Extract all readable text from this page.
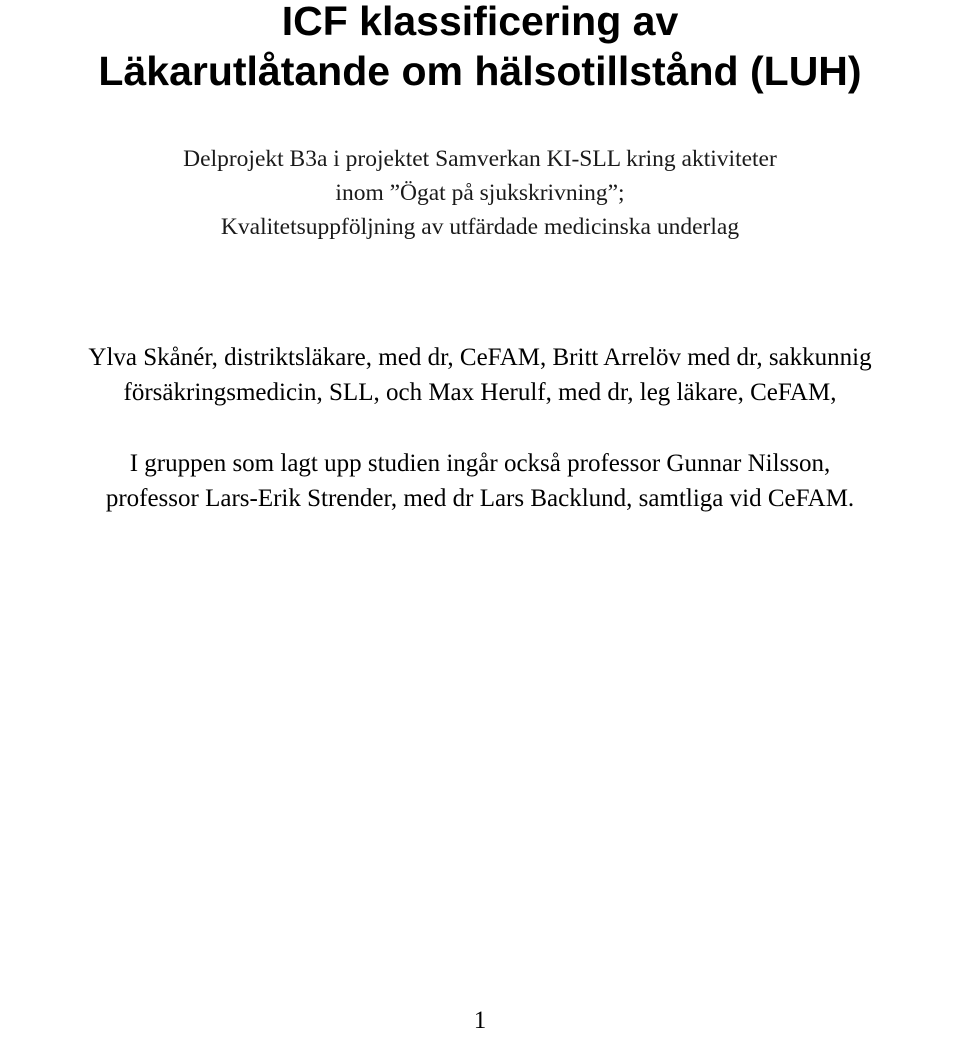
ICF klassificering av
Läkarutlåtande om hälsotillstånd (LUH)
Delprojekt B3a i projektet Samverkan KI-SLL kring aktiviteter
inom ”Ögat på sjukskrivning”;
Kvalitetsuppföljning av utfärdade medicinska underlag
Ylva Skånér, distriktsläkare, med dr, CeFAM, Britt Arrelöv med dr, sakkunnig
försäkringsmedicin, SLL, och Max Herulf, med dr, leg läkare, CeFAM,
I gruppen som lagt upp studien ingår också professor Gunnar Nilsson,
professor Lars-Erik Strender, med dr Lars Backlund, samtliga vid CeFAM.
1
